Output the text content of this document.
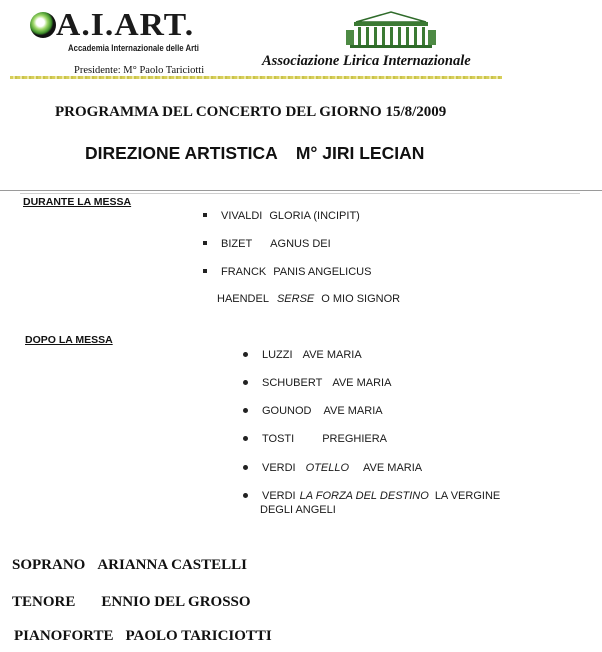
A.I.ART.
Accademia Internazionale delle Arti
Presidente: M° Paolo Tariciotti
Associazione Lirica Internazionale
PROGRAMMA DEL CONCERTO DEL GIORNO 15/8/2009
DIREZIONE ARTISTICA M° JIRI LECIAN
DURANTE LA MESSA
VIVALDI GLORIA (INCIPIT)
BIZET AGNUS DEI
FRANCK PANIS ANGELICUS
HAENDEL SERSE O MIO SIGNOR
DOPO LA MESSA
LUZZI AVE MARIA
SCHUBERT AVE MARIA
GOUNOD AVE MARIA
TOSTI	PREGHIERA
VERDI OTELLO AVE MARIA
VERDI LA FORZA DEL DESTINO LA VERGINE
DEGLI ANGELI
SOPRANO ARIANNA CASTELLI
TENORE ENNIO DEL GROSSO
PIANOFORTE PAOLO TARICIOTTI
